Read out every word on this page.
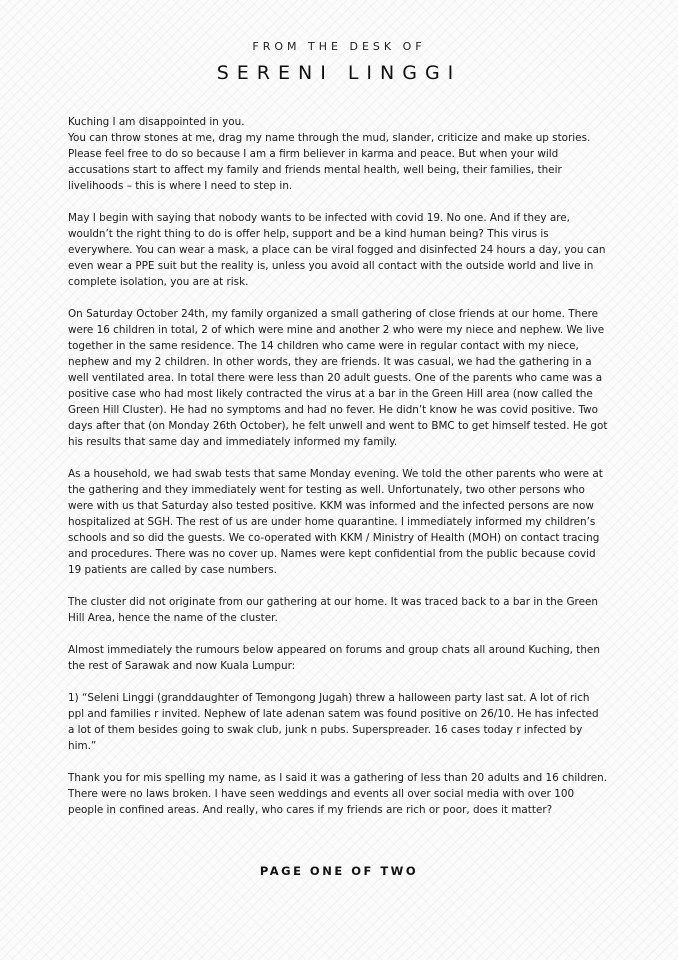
FROM THE DESK OF
SERENI LINGGI

Kuching I am disappointed in you.

You can throw stones at me, drag my name through the mud, slander, criticize and make up stories. Please feel free to do so because I am a firm believer in karma and peace. But when your wild accusations start to affect my family and friends mental health, well being, their families, their livelihoods – this is where I need to step in.

May I begin with saying that nobody wants to be infected with covid 19. No one. And if they are, wouldn’t the right thing to do is offer help, support and be a kind human being? This virus is everywhere. You can wear a mask, a place can be viral fogged and disinfected 24 hours a day, you can even wear a PPE suit but the reality is, unless you avoid all contact with the outside world and live in complete isolation, you are at risk.

On Saturday October 24th, my family organized a small gathering of close friends at our home. There were 16 children in total, 2 of which were mine and another 2 who were my niece and nephew. We live together in the same residence. The 14 children who came were in regular contact with my niece, nephew and my 2 children. In other words, they are friends. It was casual, we had the gathering in a well ventilated area. In total there were less than 20 adult guests. One of the parents who came was a positive case who had most likely contracted the virus at a bar in the Green Hill area (now called the Green Hill Cluster). He had no symptoms and had no fever. He didn’t know he was covid positive. Two days after that (on Monday 26th October), he felt unwell and went to BMC to get himself tested. He got his results that same day and immediately informed my family.

As a household, we had swab tests that same Monday evening. We told the other parents who were at the gathering and they immediately went for testing as well. Unfortunately, two other persons who were with us that Saturday also tested positive. KKM was informed and the infected persons are now hospitalized at SGH. The rest of us are under home quarantine. I immediately informed my children’s schools and so did the guests. We co-operated with KKM / Ministry of Health (MOH) on contact tracing and procedures. There was no cover up. Names were kept confidential from the public because covid 19 patients are called by case numbers.

The cluster did not originate from our gathering at our home. It was traced back to a bar in the Green Hill Area, hence the name of the cluster.

Almost immediately the rumours below appeared on forums and group chats all around Kuching, then the rest of Sarawak and now Kuala Lumpur:

1) “Seleni Linggi (granddaughter of Temongong Jugah) threw a halloween party last sat. A lot of rich ppl and families r invited. Nephew of late adenan satem was found positive on 26/10. He has infected a lot of them besides going to swak club, junk n pubs. Superspreader. 16 cases today r infected by him.”

Thank you for mis spelling my name, as I said it was a gathering of less than 20 adults and 16 children. There were no laws broken. I have seen weddings and events all over social media with over 100 people in confined areas. And really, who cares if my friends are rich or poor, does it matter?

PAGE ONE OF TWO
